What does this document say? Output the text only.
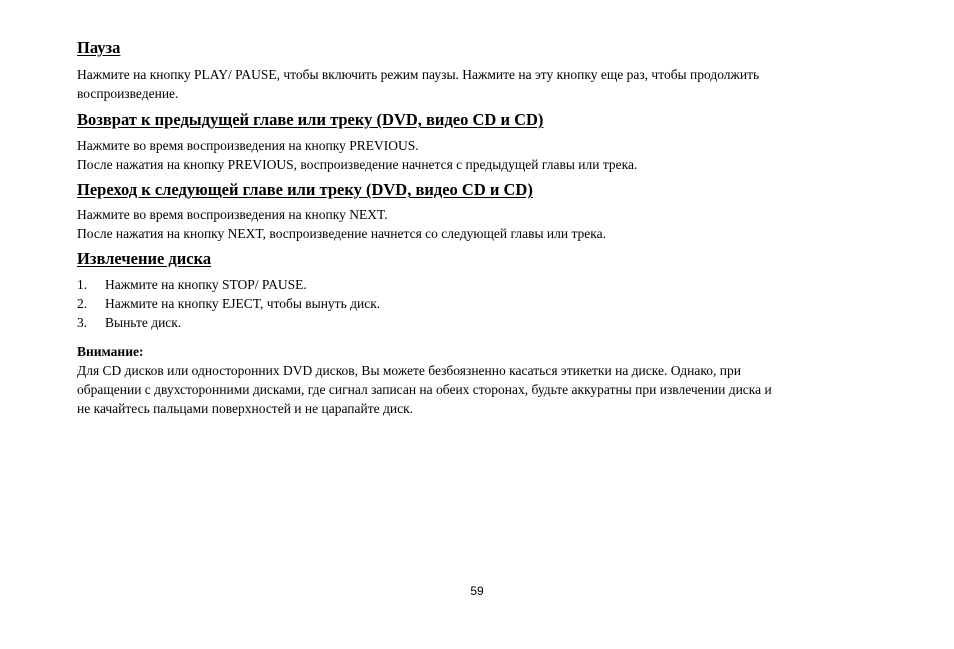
Пауза
Нажмите на кнопку PLAY/ PAUSE, чтобы включить режим паузы. Нажмите на эту кнопку еще раз, чтобы продолжить
воспроизведение.
Возврат к предыдущей главе или треку (DVD, видео CD и CD)
Нажмите во время воспроизведения на кнопку PREVIOUS.
После нажатия на кнопку PREVIOUS, воспроизведение начнется с предыдущей главы или трека.
Переход к следующей главе или треку (DVD, видео CD и CD)
Нажмите во время воспроизведения на кнопку NEXT.
После нажатия на кнопку NEXT, воспроизведение начнется со следующей главы или трека.
Извлечение диска
1.	Нажмите на кнопку STOP/ PAUSE.
2.	Нажмите на кнопку EJECT, чтобы вынуть диск.
3.	Выньте диск.
Внимание:
Для CD дисков или односторонних DVD дисков, Вы можете безбоязненно касаться этикетки на диске. Однако, при
обращении с двухсторонними дисками, где сигнал записан на обеих сторонах, будьте аккуратны при извлечении диска и
не качайтесь пальцами поверхностей и не царапайте диск.
59
